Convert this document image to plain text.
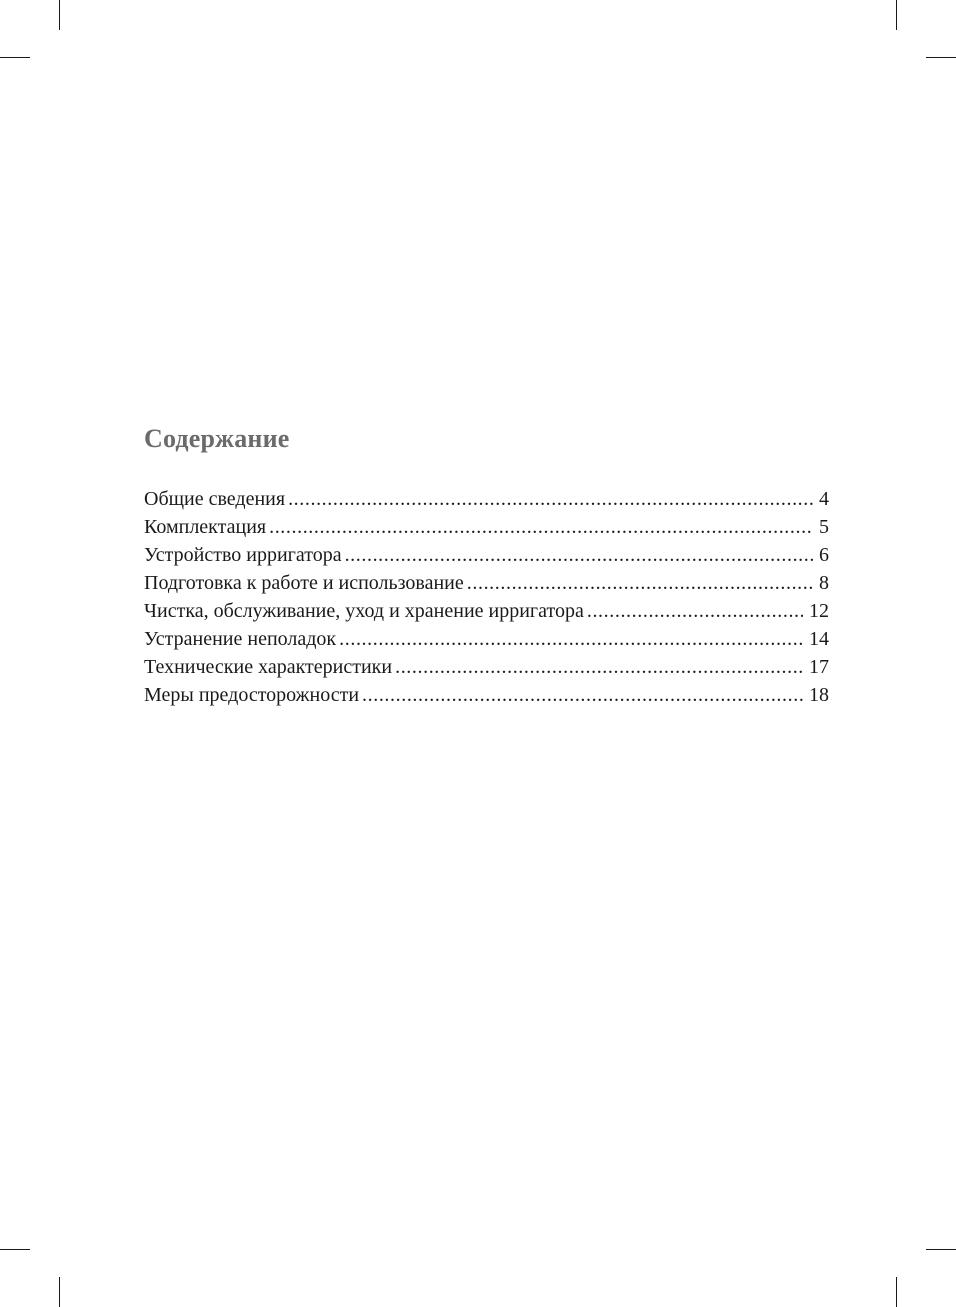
Содержание
Общие сведения .....	4
Комплектация .....	5
Устройство ирригатора .....	6
Подготовка к работе и использование .....	8
Чистка, обслуживание, уход и хранение ирригатора .....	12
Устранение неполадок .....	14
Технические характеристики .....	17
Меры предосторожности .....	18
